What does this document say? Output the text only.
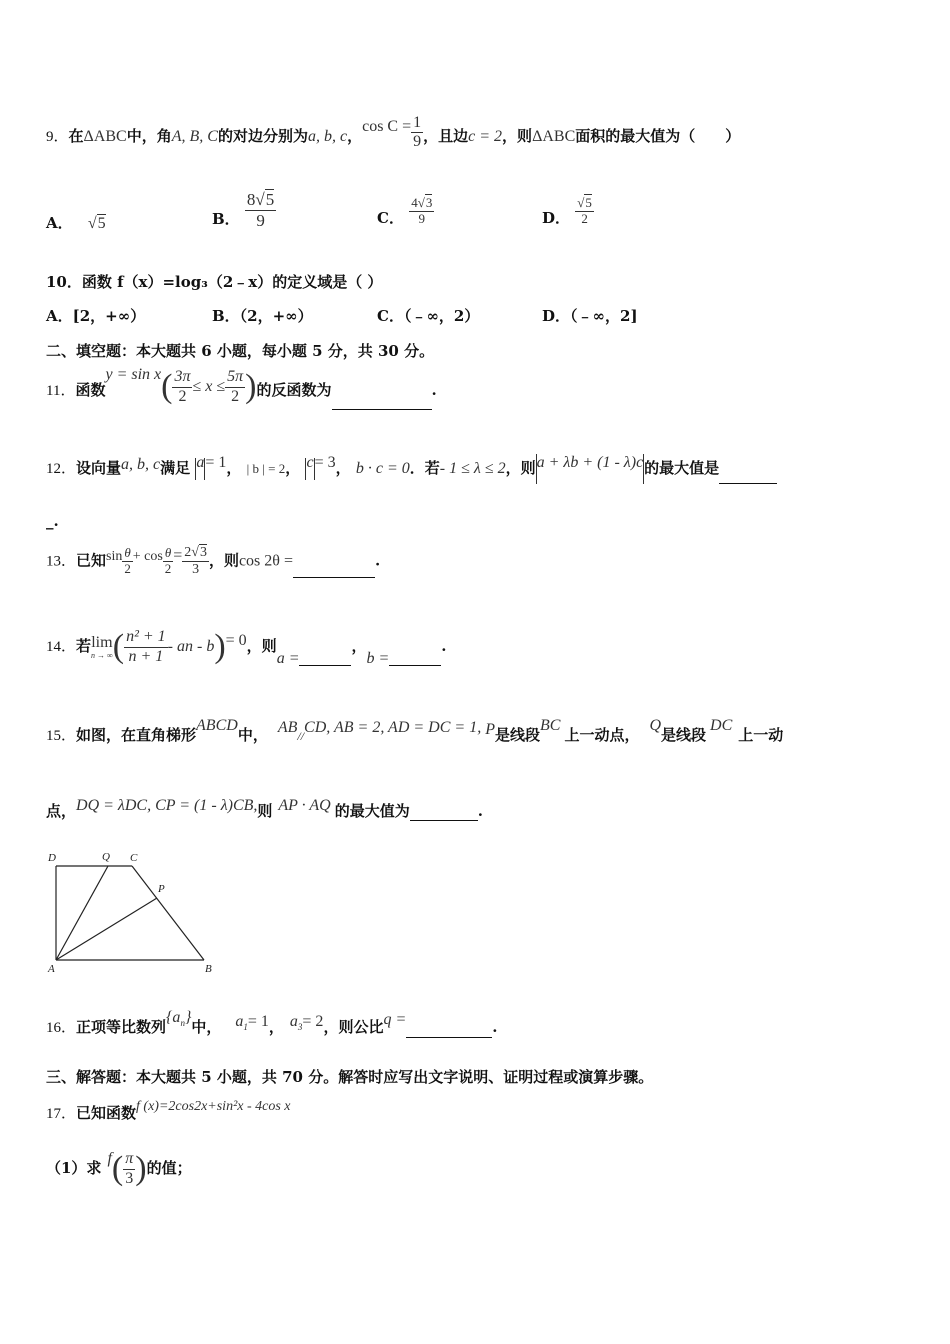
9．在ΔABC中，角A, B, C的对边分别为a, b, c，$\cos C = \frac{1}{9}$ ，且边c = 2，则ΔABC面积的最大值为（　　）
A． √5	B． $\frac{8√5}{9}$	C． $\frac{4√3}{9}$	D． $\frac{√5}{2}$
10．函数 f（x）=log₃（2﹣x）的定义域是（ ）
A．[2，+∞）	B．（2，+∞）	C．（﹣∞，2）	D．（﹣∞，2]
二、填空题：本大题共 6 小题，每小题 5 分，共 30 分。
11．函数$y = \sin x( \frac{3\pi}{2} \le x \le \frac{5\pi}{2}$ )的反函数为	.
12．设向量a, b, c满足 a= 1， | b | = 2， c= 3， b · c = 0．若- 1 ≤ λ ≤ 2，则a + λb + (1 - λ)c的最大值是
_.
13．已知$\sin \frac{\theta}{2} + \cos \frac{\theta}{2} = \frac{2√3}{3}$ ，则cos 2θ =	.
14．若 lim
n → ∞ ( $\frac{\text{n² + 1}}{n + 1}$ - an - b)= 0，则a =，b =.
15．如图，在直角梯形ABCD中， AB//CD, AB = 2, AD = DC = 1, P是线段BC上一动点，Q是线段DC上一动
点，DQ = λDC, CP = (1 - λ)CB,则 AP · AQ 的最大值为	.
D	Q C
P
A	B
16．正项等比数列$\{a_n\}$中， $a_1= 1$， $a_3= 2$，则公比q =	.
三、解答题：本大题共 5 小题，共 70 分。解答时应写出文字说明、证明过程或演算步骤。
17．已知函数f (x)=2cos2x+sin²x - 4cos x
（1）求$f( \frac{\pi}{3}$ )的值；
